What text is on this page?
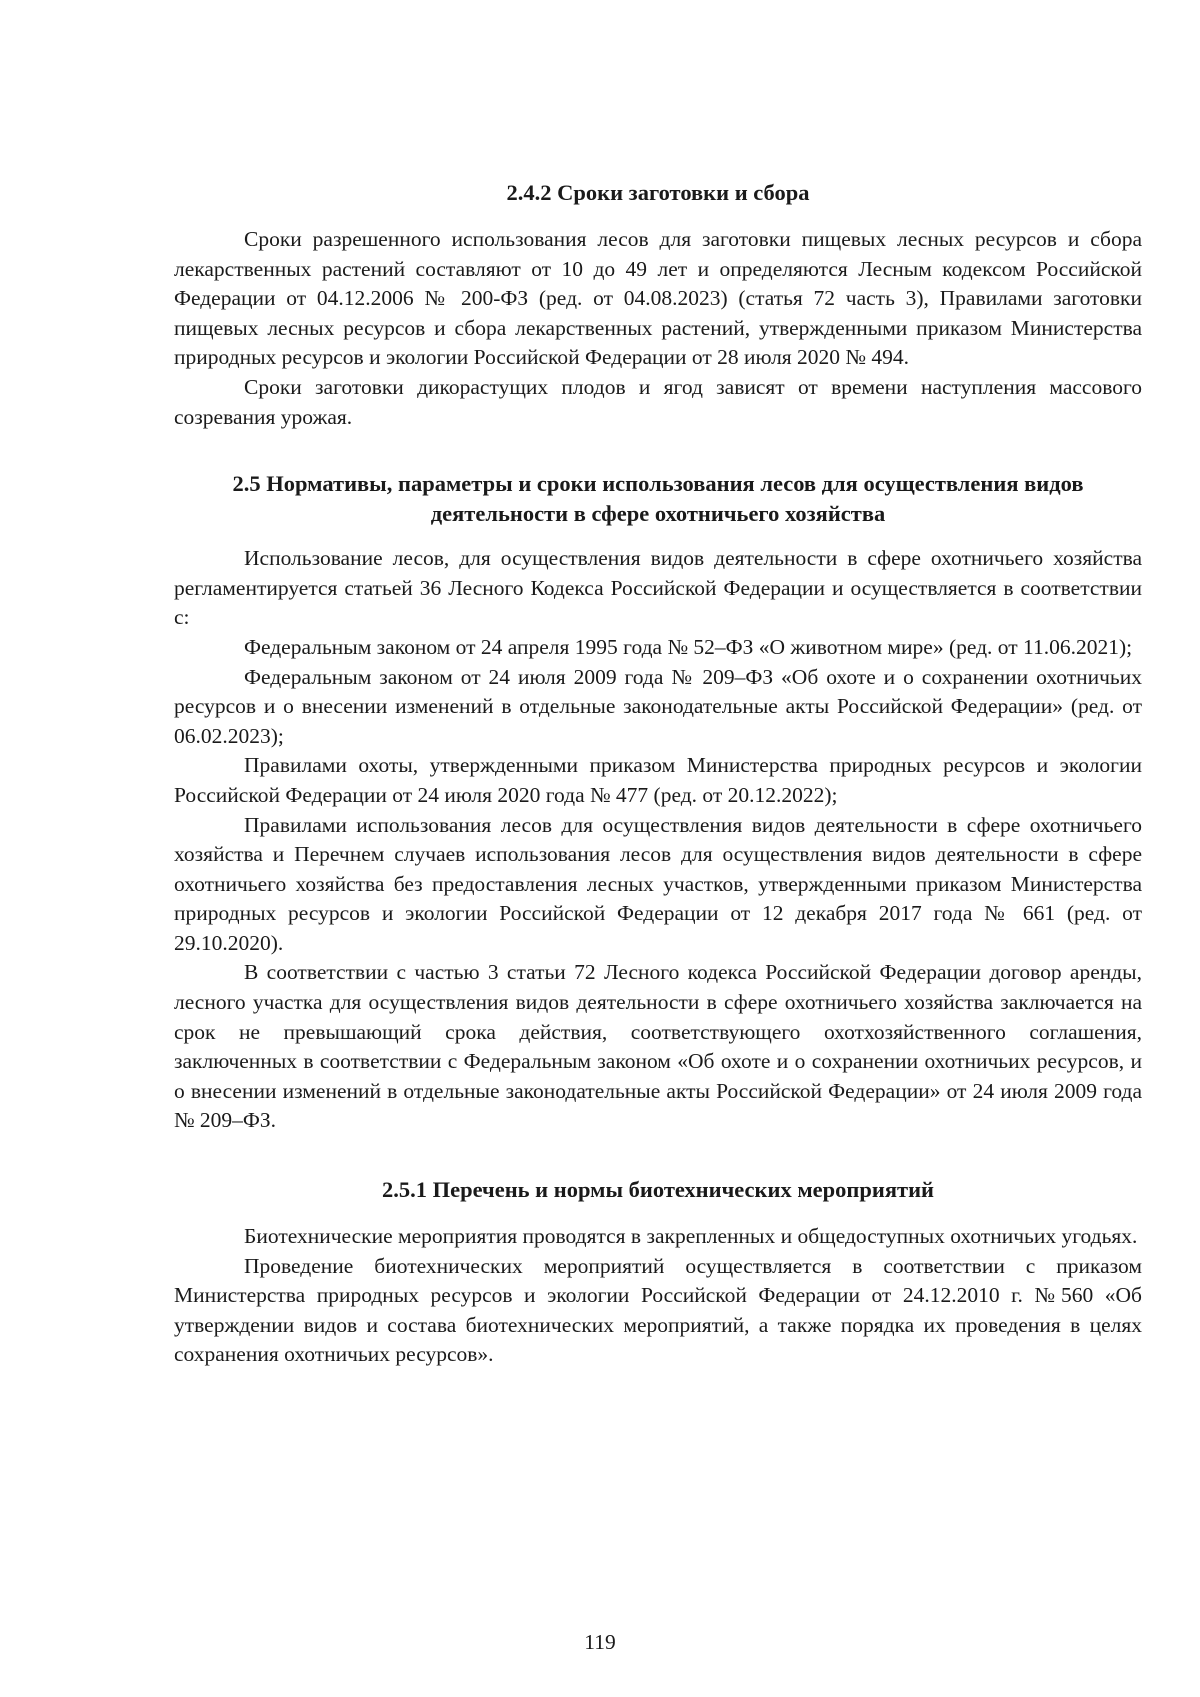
2.4.2 Сроки заготовки и сбора

Сроки разрешенного использования лесов для заготовки пищевых лесных ресурсов и сбора лекарственных растений составляют от 10 до 49 лет и определяются Лесным кодексом Российской Федерации от 04.12.2006 № 200-ФЗ (ред. от 04.08.2023) (статья 72 часть 3), Правилами заготовки пищевых лесных ресурсов и сбора лекарственных растений, утвержденными приказом Министерства природных ресурсов и экологии Российской Федерации от 28 июля 2020 № 494.

Сроки заготовки дикорастущих плодов и ягод зависят от времени наступления массового созревания урожая.

2.5 Нормативы, параметры и сроки использования лесов для осуществления видов
деятельности в сфере охотничьего хозяйства

Использование лесов, для осуществления видов деятельности в сфере охотничьего хозяйства регламентируется статьей 36 Лесного Кодекса Российской Федерации и осуществляется в соответствии с:

Федеральным законом от 24 апреля 1995 года № 52–ФЗ «О животном мире» (ред. от 11.06.2021);

Федеральным законом от 24 июля 2009 года № 209–ФЗ «Об охоте и о сохранении охотничьих ресурсов и о внесении изменений в отдельные законодательные акты Российской Федерации» (ред. от 06.02.2023);

Правилами охоты, утвержденными приказом Министерства природных ресурсов и экологии Российской Федерации от 24 июля 2020 года № 477 (ред. от 20.12.2022);

Правилами использования лесов для осуществления видов деятельности в сфере охотничьего хозяйства и Перечнем случаев использования лесов для осуществления видов деятельности в сфере охотничьего хозяйства без предоставления лесных участков, утвержденными приказом Министерства природных ресурсов и экологии Российской Федерации от 12 декабря 2017 года № 661 (ред. от 29.10.2020).

В соответствии с частью 3 статьи 72 Лесного кодекса Российской Федерации договор аренды, лесного участка для осуществления видов деятельности в сфере охотничьего хозяйства заключается на срок не превышающий срока действия, соответствующего охотхозяйственного соглашения, заключенных в соответствии с Федеральным законом «Об охоте и о сохранении охотничьих ресурсов, и о внесении изменений в отдельные законодательные акты Российской Федерации» от 24 июля 2009 года № 209–ФЗ.

2.5.1 Перечень и нормы биотехнических мероприятий

Биотехнические мероприятия проводятся в закрепленных и общедоступных охотничьих угодьях.

Проведение биотехнических мероприятий осуществляется в соответствии с приказом Министерства природных ресурсов и экологии Российской Федерации от 24.12.2010 г. №560 «Об утверждении видов и состава биотехнических мероприятий, а также порядка их проведения в целях сохранения охотничьих ресурсов».

119
